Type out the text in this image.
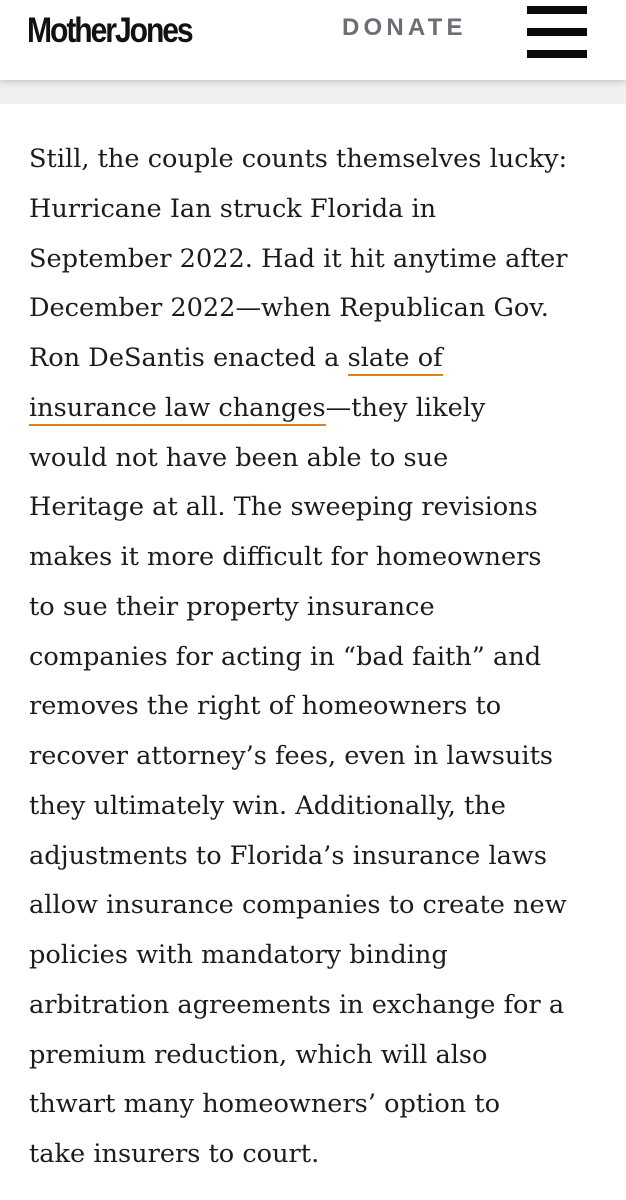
MotherJones	DONATE

Still, the couple counts themselves lucky:
Hurricane Ian struck Florida in
September 2022. Had it hit anytime after
December 2022—when Republican Gov.
Ron DeSantis enacted a slate of
insurance law changes—they likely
would not have been able to sue
Heritage at all. The sweeping revisions
makes it more difficult for homeowners
to sue their property insurance
companies for acting in “bad faith” and
removes the right of homeowners to
recover attorney’s fees, even in lawsuits
they ultimately win. Additionally, the
adjustments to Florida’s insurance laws
allow insurance companies to create new
policies with mandatory binding
arbitration agreements in exchange for a
premium reduction, which will also
thwart many homeowners’ option to
take insurers to court.
